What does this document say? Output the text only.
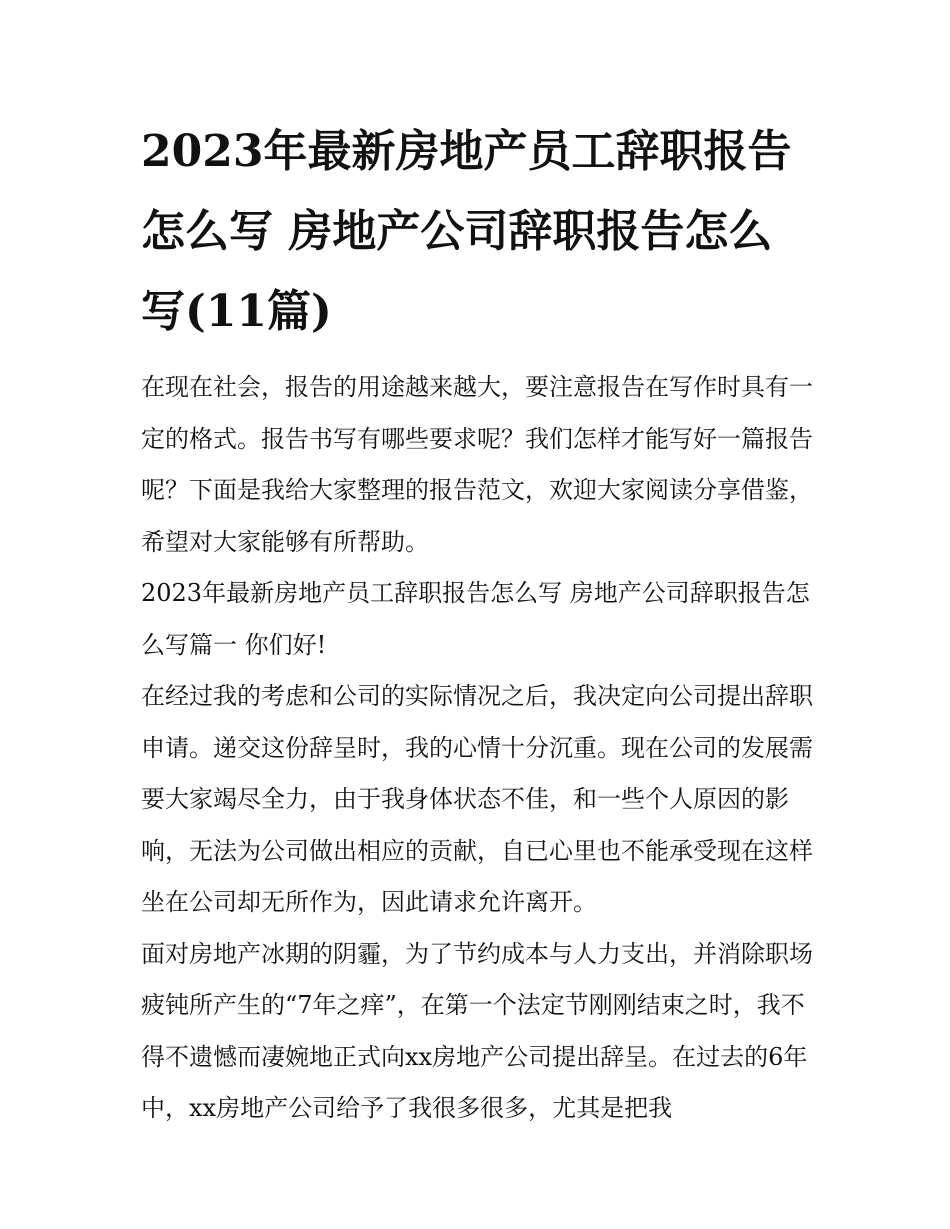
2023年最新房地产员工辞职报告怎么写 房地产公司辞职报告怎么写(11篇)

在现在社会，报告的用途越来越大，要注意报告在写作时具有一定的格式。报告书写有哪些要求呢？我们怎样才能写好一篇报告呢？下面是我给大家整理的报告范文，欢迎大家阅读分享借鉴，希望对大家能够有所帮助。

2023年最新房地产员工辞职报告怎么写 房地产公司辞职报告怎么写篇一 你们好!

在经过我的考虑和公司的实际情况之后，我决定向公司提出辞职申请。递交这份辞呈时，我的心情十分沉重。现在公司的发展需要大家竭尽全力，由于我身体状态不佳，和一些个人原因的影响，无法为公司做出相应的贡献，自已心里也不能承受现在这样坐在公司却无所作为，因此请求允许离开。

面对房地产冰期的阴霾，为了节约成本与人力支出，并消除职场疲钝所产生的“7年之痒”，在第一个法定节刚刚结束之时，我不得不遗憾而凄婉地正式向xx房地产公司提出辞呈。在过去的6年中，xx房地产公司给予了我很多很多，尤其是把我
